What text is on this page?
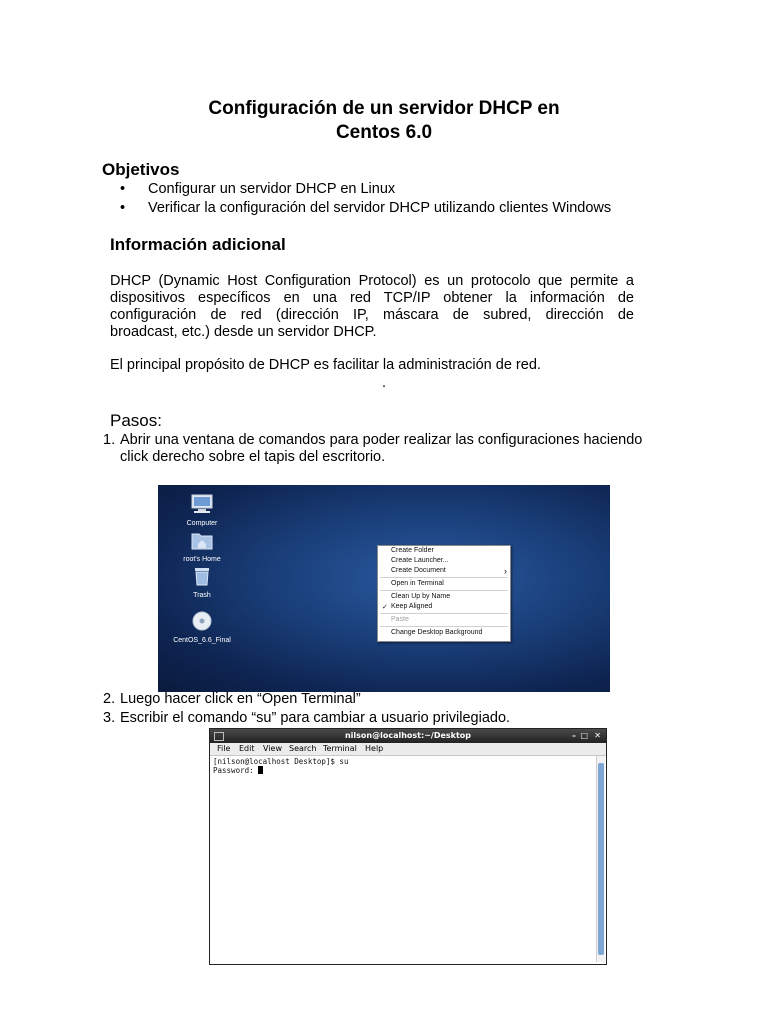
Configuración de un servidor DHCP en
Centos 6.0
Objetivos
• Configurar un servidor DHCP en Linux
• Verificar la configuración del servidor DHCP utilizando clientes Windows
Información adicional
DHCP (Dynamic Host Configuration Protocol) es un protocolo que permite a
dispositivos específicos en una red TCP/IP obtener la información de
configuración de red (dirección IP, máscara de subred, dirección de
broadcast, etc.) desde un servidor DHCP.
El principal propósito de DHCP es facilitar la administración de red.
.
Pasos:
1. Abrir una ventana de comandos para poder realizar las configuraciones haciendo
click derecho sobre el tapis del escritorio.
Computer
root's Home
Trash
CentOS_6.6_Final
Create Folder
Create Launcher...
Create Document	›
Open in Terminal
Clean Up by Name
✓ Keep Aligned
Paste
Change Desktop Background
2. Luego hacer click en “Open Terminal”
3. Escribir el comando “su” para cambiar a usuario privilegiado.
nilson@localhost:~/Desktop	– □ ✕
File Edit View Search Terminal Help
[nilson@localhost Desktop]$ su
Password:
